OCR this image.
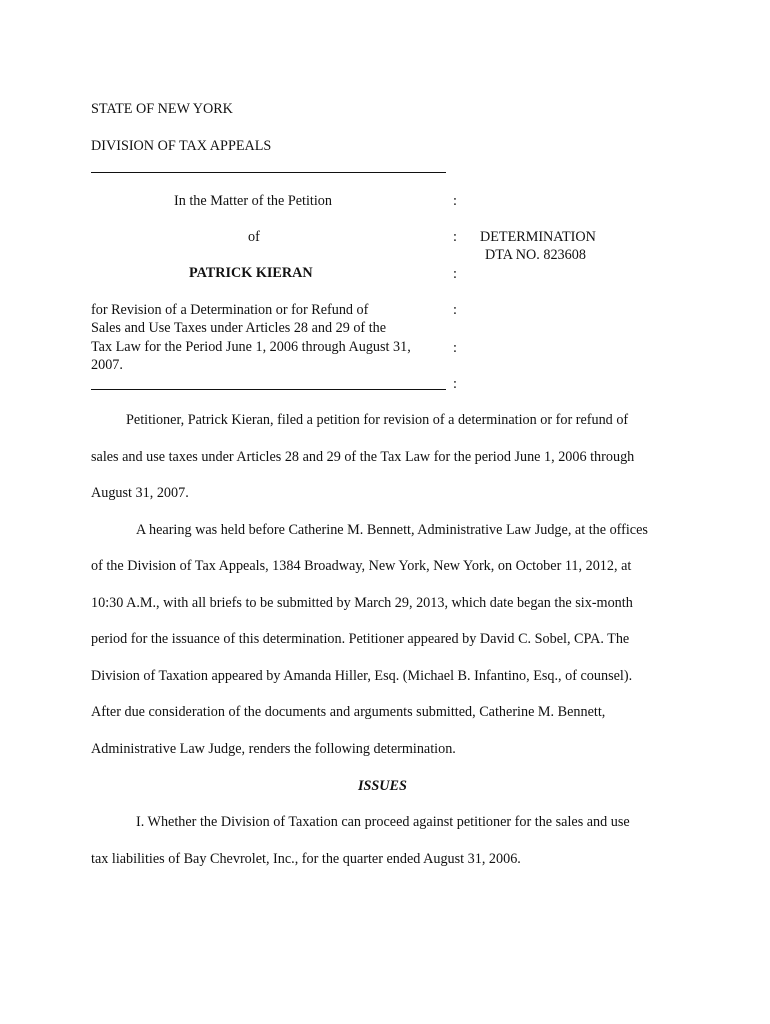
STATE OF NEW YORK
DIVISION OF TAX APPEALS
In the Matter of the Petition
of
PATRICK KIERAN
for Revision of a Determination or for Refund of
Sales and Use Taxes under Articles 28 and 29 of the
Tax Law for the Period June 1, 2006 through August 31,
2007.
:
:
:
:
:
:
DETERMINATION
DTA NO. 823608
Petitioner, Patrick Kieran, filed a petition for revision of a determination or for refund of
sales and use taxes under Articles 28 and 29 of the Tax Law for the period June 1, 2006 through
August 31, 2007.
A hearing was held before Catherine M. Bennett, Administrative Law Judge, at the offices
of the Division of Tax Appeals, 1384 Broadway, New York, New York, on October 11, 2012, at
10:30 A.M., with all briefs to be submitted by March 29, 2013, which date began the six-month
period for the issuance of this determination. Petitioner appeared by David C. Sobel, CPA. The
Division of Taxation appeared by Amanda Hiller, Esq. (Michael B. Infantino, Esq., of counsel).
After due consideration of the documents and arguments submitted, Catherine M. Bennett,
Administrative Law Judge, renders the following determination.
ISSUES
I. Whether the Division of Taxation can proceed against petitioner for the sales and use
tax liabilities of Bay Chevrolet, Inc., for the quarter ended August 31, 2006.
